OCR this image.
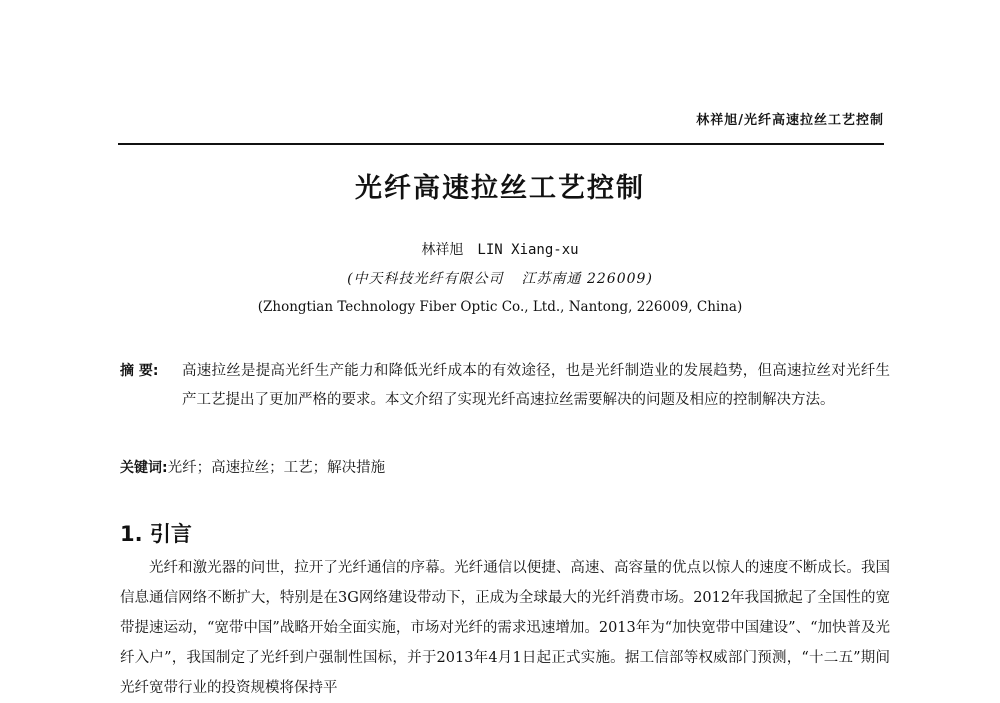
林祥旭/光纤高速拉丝工艺控制
光纤高速拉丝工艺控制
林祥旭 LIN Xiang-xu
(中天科技光纤有限公司 江苏南通 226009)
(Zhongtian Technology Fiber Optic Co., Ltd., Nantong, 226009, China)
摘 要:	高速拉丝是提高光纤生产能力和降低光纤成本的有效途径，也是光纤制造业的发展趋势，但高速拉丝对光纤生产工艺提出了更加严格的要求。本文介绍了实现光纤高速拉丝需要解决的问题及相应的控制解决方法。
关键词:光纤；高速拉丝；工艺；解决措施
1. 引言

光纤和激光器的问世，拉开了光纤通信的序幕。光纤通信以便捷、高速、高容量的优点以惊人的速度不断成长。我国信息通信网络不断扩大，特别是在3G网络建设带动下，正成为全球最大的光纤消费市场。2012年我国掀起了全国性的宽带提速运动，“宽带中国”战略开始全面实施，市场对光纤的需求迅速增加。2013年为“加快宽带中国建设”、“加快普及光纤入户”，我国制定了光纤到户强制性国标，并于2013年4月1日起正式实施。据工信部等权威部门预测，“十二五”期间光纤宽带行业的投资规模将保持平
